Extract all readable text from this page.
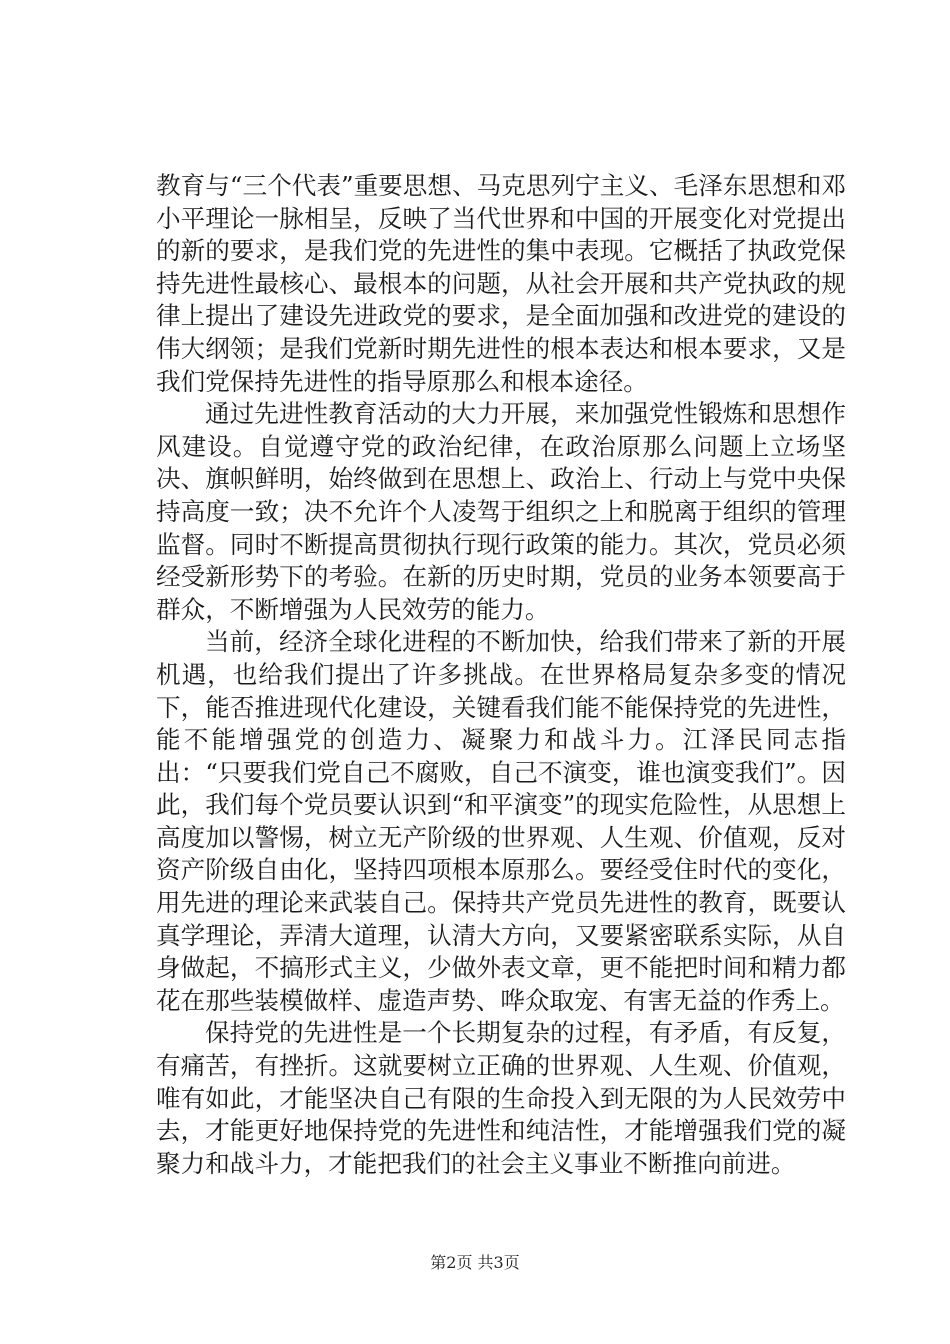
教育与“三个代表”重要思想、马克思列宁主义、毛泽东思想和邓小平理论一脉相呈，反映了当代世界和中国的开展变化对党提出的新的要求，是我们党的先进性的集中表现。它概括了执政党保持先进性最核心、最根本的问题，从社会开展和共产党执政的规律上提出了建设先进政党的要求，是全面加强和改进党的建设的伟大纲领；是我们党新时期先进性的根本表达和根本要求，又是我们党保持先进性的指导原那么和根本途径。

通过先进性教育活动的大力开展，来加强党性锻炼和思想作风建设。自觉遵守党的政治纪律，在政治原那么问题上立场坚决、旗帜鲜明，始终做到在思想上、政治上、行动上与党中央保持高度一致；决不允许个人凌驾于组织之上和脱离于组织的管理监督。同时不断提高贯彻执行现行政策的能力。其次，党员必须经受新形势下的考验。在新的历史时期，党员的业务本领要高于群众，不断增强为人民效劳的能力。

当前，经济全球化进程的不断加快，给我们带来了新的开展机遇，也给我们提出了许多挑战。在世界格局复杂多变的情况下，能否推进现代化建设，关键看我们能不能保持党的先进性，能不能增强党的创造力、凝聚力和战斗力。江泽民同志指出：“只要我们党自己不腐败，自己不演变，谁也演变我们”。因此，我们每个党员要认识到“和平演变”的现实危险性，从思想上高度加以警惕，树立无产阶级的世界观、人生观、价值观，反对资产阶级自由化，坚持四项根本原那么。要经受住时代的变化，用先进的理论来武装自己。保持共产党员先进性的教育，既要认真学理论，弄清大道理，认清大方向，又要紧密联系实际，从自身做起，不搞形式主义，少做外表文章，更不能把时间和精力都花在那些装模做样、虚造声势、哗众取宠、有害无益的作秀上。

保持党的先进性是一个长期复杂的过程，有矛盾，有反复，有痛苦，有挫折。这就要树立正确的世界观、人生观、价值观，唯有如此，才能坚决自己有限的生命投入到无限的为人民效劳中去，才能更好地保持党的先进性和纯洁性，才能增强我们党的凝聚力和战斗力，才能把我们的社会主义事业不断推向前进。

第2页 共3页
